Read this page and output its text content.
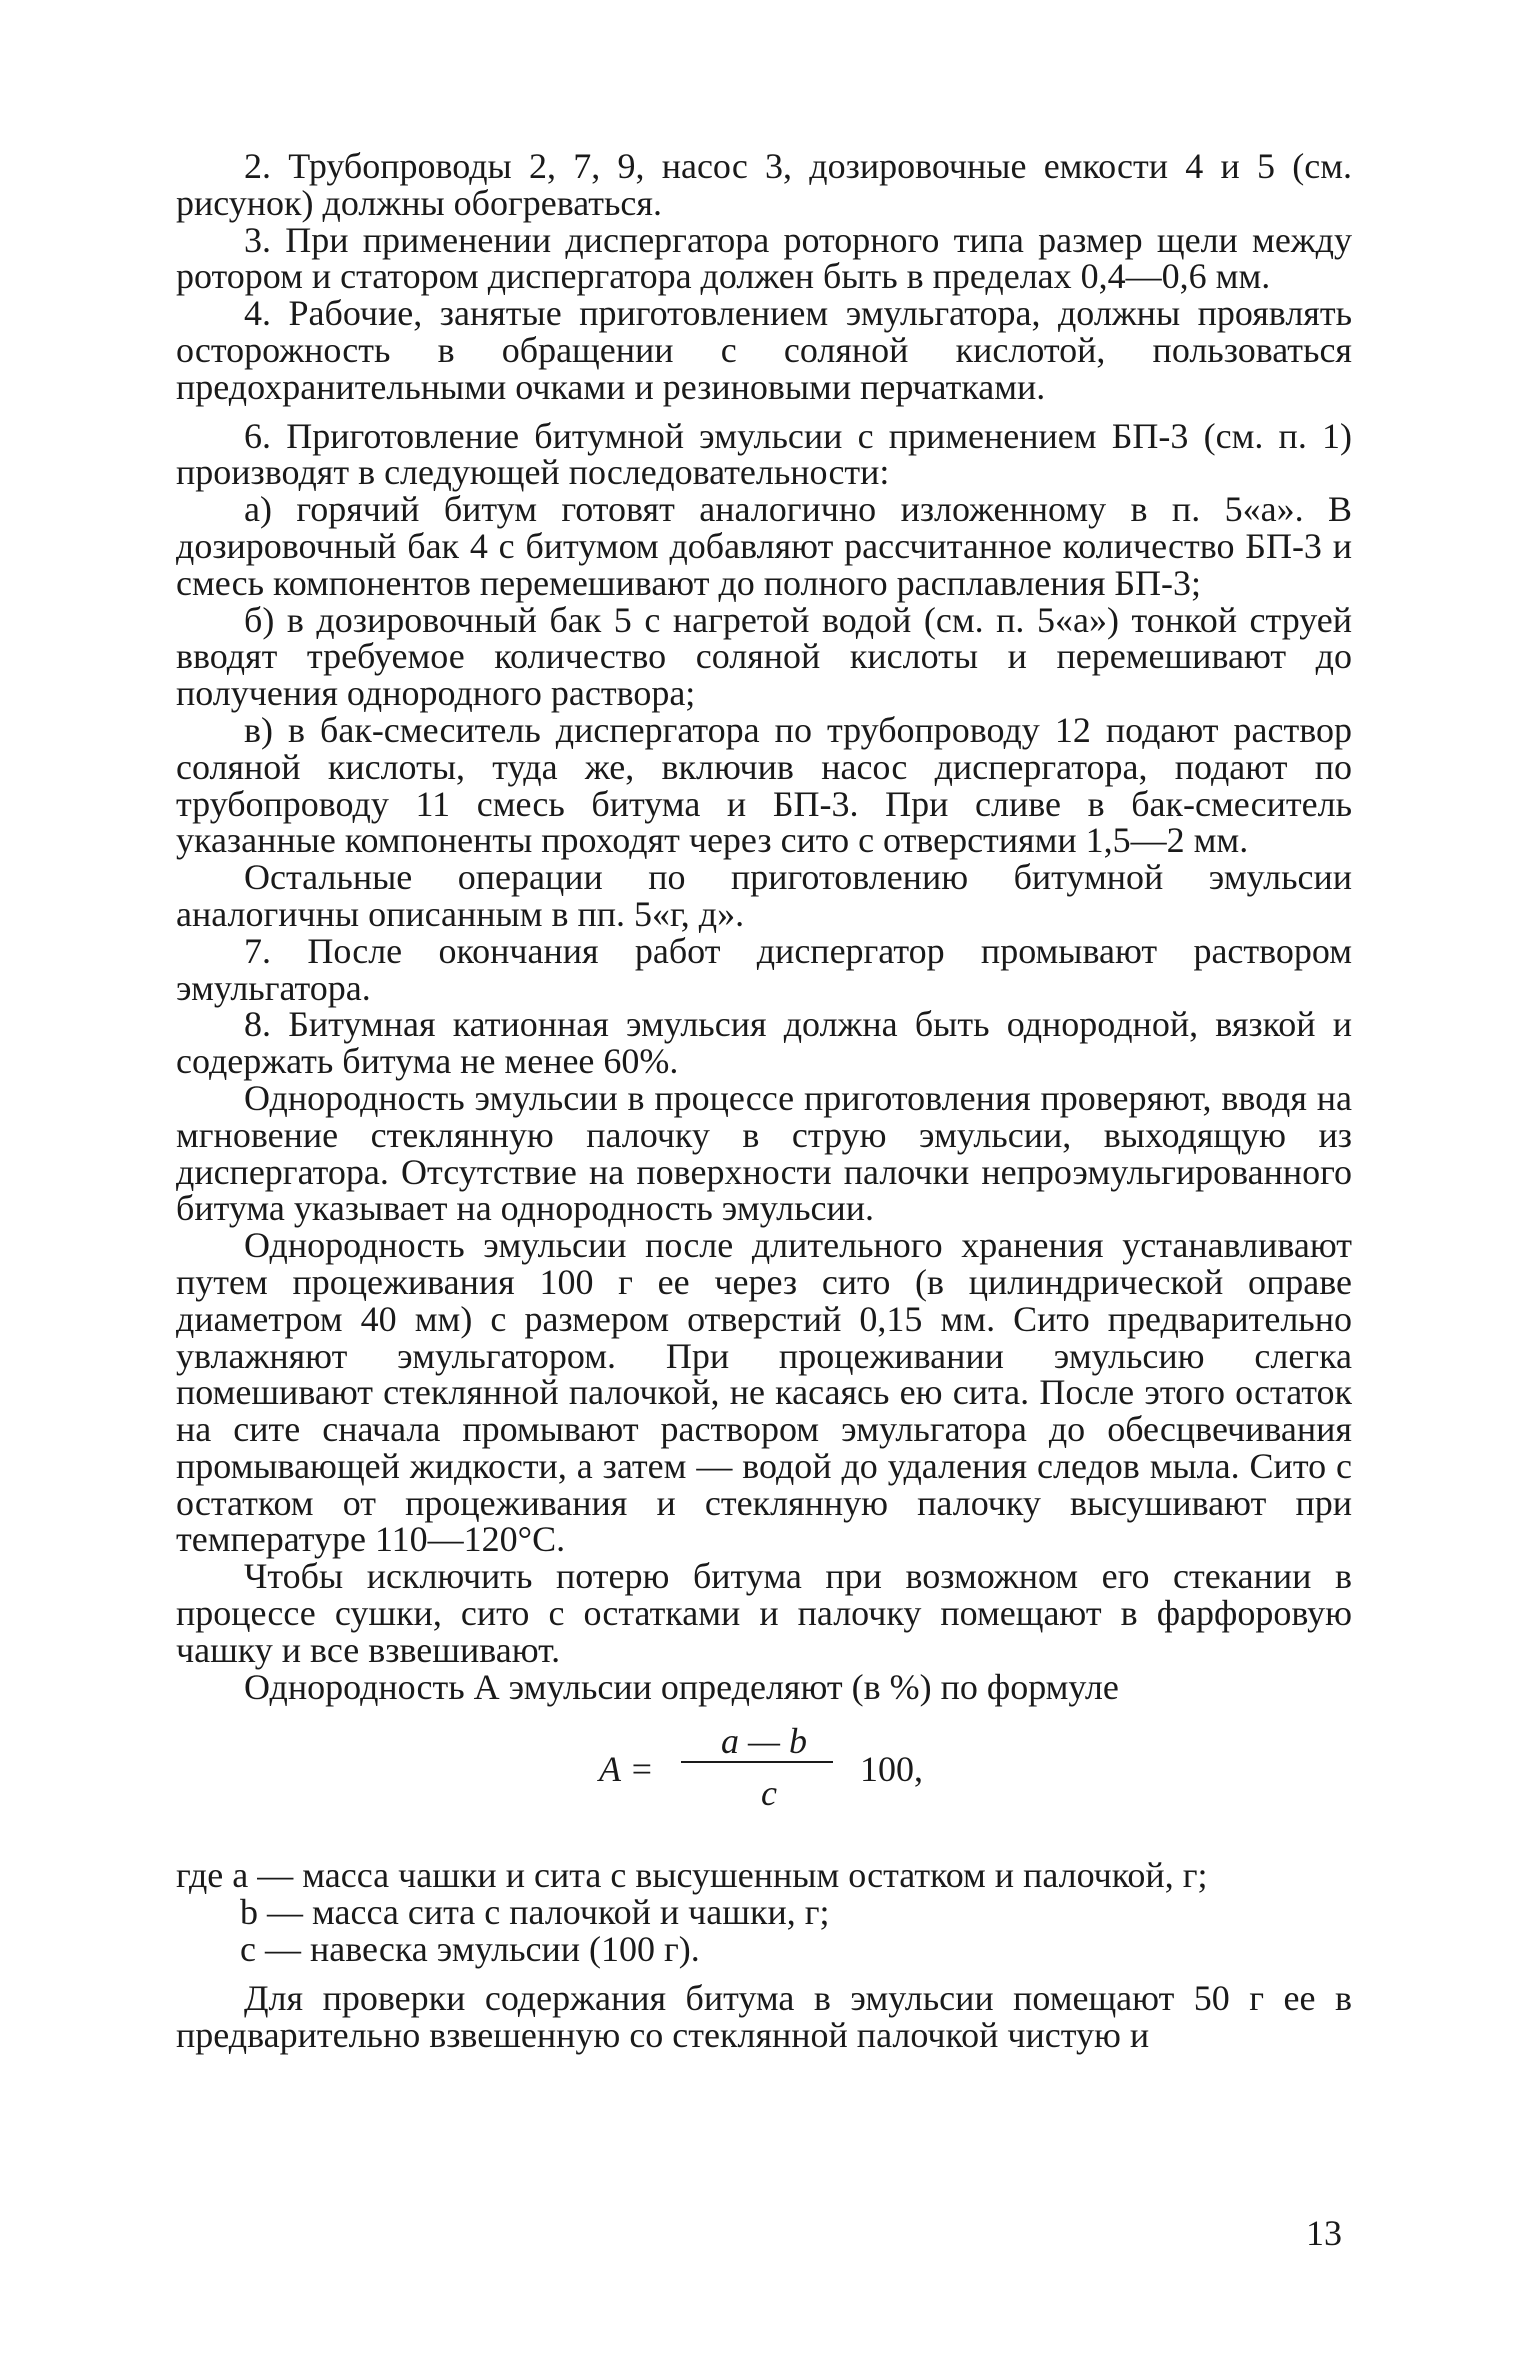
2. Трубопроводы 2, 7, 9, насос 3, дозировочные емкости 4 и 5 (см. рисунок) должны обогреваться.

3. При применении диспергатора роторного типа размер щели между ротором и статором диспергатора должен быть в пределах 0,4—0,6 мм.

4. Рабочие, занятые приготовлением эмульгатора, должны проявлять осторожность в обращении с соляной кислотой, пользоваться предохранительными очками и резиновыми перчатками.

6. Приготовление битумной эмульсии с применением БП-3 (см. п. 1) производят в следующей последовательности:

а) горячий битум готовят аналогично изложенному в п. 5«а». В дозировочный бак 4 с битумом добавляют рассчитанное количество БП-3 и смесь компонентов перемешивают до полного расплавления БП-3;

б) в дозировочный бак 5 с нагретой водой (см. п. 5«а») тонкой струей вводят требуемое количество соляной кислоты и перемешивают до получения однородного раствора;

в) в бак-смеситель диспергатора по трубопроводу 12 подают раствор соляной кислоты, туда же, включив насос диспергатора, подают по трубопроводу 11 смесь битума и БП-3. При сливе в бак-смеситель указанные компоненты проходят через сито с отверстиями 1,5—2 мм.

Остальные операции по приготовлению битумной эмульсии аналогичны описанным в пп. 5«г, д».

7. После окончания работ диспергатор промывают раствором эмульгатора.

8. Битумная катионная эмульсия должна быть однородной, вязкой и содержать битума не менее 60%.

Однородность эмульсии в процессе приготовления проверяют, вводя на мгновение стеклянную палочку в струю эмульсии, выходящую из диспергатора. Отсутствие на поверхности палочки непроэмульгированного битума указывает на однородность эмульсии.

Однородность эмульсии после длительного хранения устанавливают путем процеживания 100 г ее через сито (в цилиндрической оправе диаметром 40 мм) с размером отверстий 0,15 мм. Сито предварительно увлажняют эмульгатором. При процеживании эмульсию слегка помешивают стеклянной палочкой, не касаясь ею сита. После этого остаток на сите сначала промывают раствором эмульгатора до обесцвечивания промывающей жидкости, а затем — водой до удаления следов мыла. Сито с остатком от процеживания и стеклянную палочку высушивают при температуре 110—120°С.

Чтобы исключить потерю битума при возможном его стекании в процессе сушки, сито с остатками и палочку помещают в фарфоровую чашку и все взвешивают.

Однородность А эмульсии определяют (в %) по формуле

A =
a — b
c
100,

где a — масса чашки и сита с высушенным остатком и палочкой, г;

b — масса сита с палочкой и чашки, г;

c — навеска эмульсии (100 г).

Для проверки содержания битума в эмульсии помещают 50 г ее в предварительно взвешенную со стеклянной палочкой чистую и

13
